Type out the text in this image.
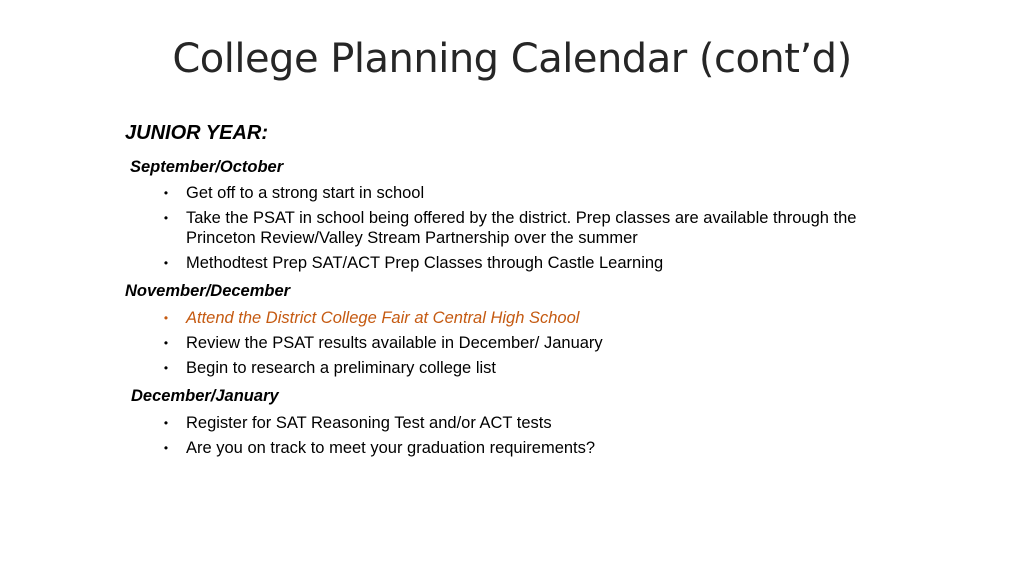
College Planning Calendar (cont’d)
JUNIOR YEAR:
September/October
• Get off to a strong start in school
• Take the PSAT in school being offered by the district. Prep classes are available through the Princeton Review/Valley Stream Partnership over the summer
• Methodtest Prep SAT/ACT Prep Classes through Castle Learning
November/December
• Attend the District College Fair at Central High School
• Review the PSAT results available in December/ January
• Begin to research a preliminary college list
December/January
• Register for SAT Reasoning Test and/or ACT tests
• Are you on track to meet your graduation requirements?
